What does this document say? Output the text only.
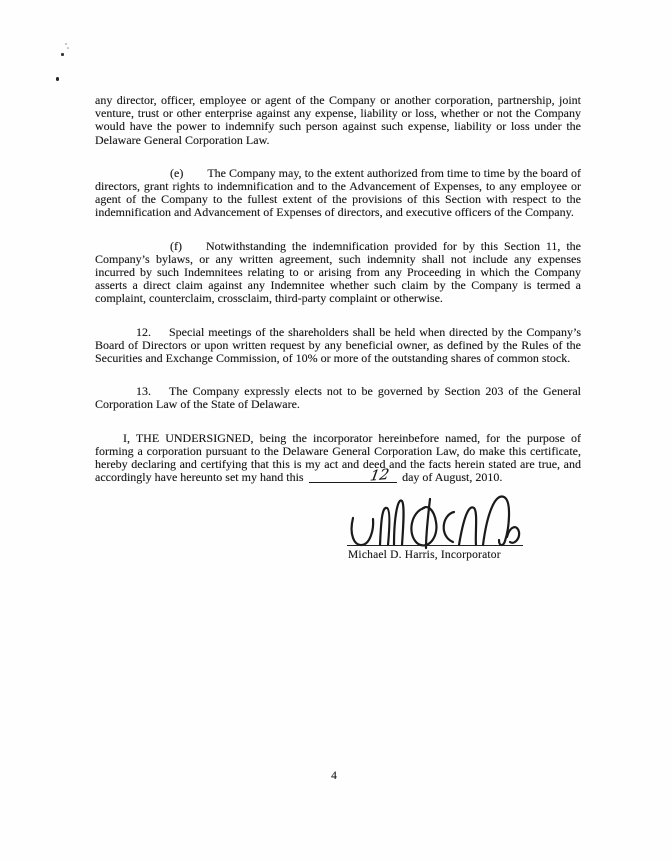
any director, officer, employee or agent of the Company or another corporation, partnership, joint venture, trust or other enterprise against any expense, liability or loss, whether or not the Company would have the power to indemnify such person against such expense, liability or loss under the Delaware General Corporation Law.

(e) The Company may, to the extent authorized from time to time by the board of directors, grant rights to indemnification and to the Advancement of Expenses, to any employee or agent of the Company to the fullest extent of the provisions of this Section with respect to the indemnification and Advancement of Expenses of directors, and executive officers of the Company.

(f) Notwithstanding the indemnification provided for by this Section 11, the Company’s bylaws, or any written agreement, such indemnity shall not include any expenses incurred by such Indemnitees relating to or arising from any Proceeding in which the Company asserts a direct claim against any Indemnitee whether such claim by the Company is termed a complaint, counterclaim, crossclaim, third-party complaint or otherwise.

12. Special meetings of the shareholders shall be held when directed by the Company’s Board of Directors or upon written request by any beneficial owner, as defined by the Rules of the Securities and Exchange Commission, of 10% or more of the outstanding shares of common stock.

13. The Company expressly elects not to be governed by Section 203 of the General Corporation Law of the State of Delaware.

I, THE UNDERSIGNED, being the incorporator hereinbefore named, for the purpose of forming a corporation pursuant to the Delaware General Corporation Law, do make this certificate, hereby declaring and certifying that this is my act and deed and the facts herein stated are true, and accordingly have hereunto set my hand this	12 day of August, 2010.

Michael D. Harris, Incorporator
4
